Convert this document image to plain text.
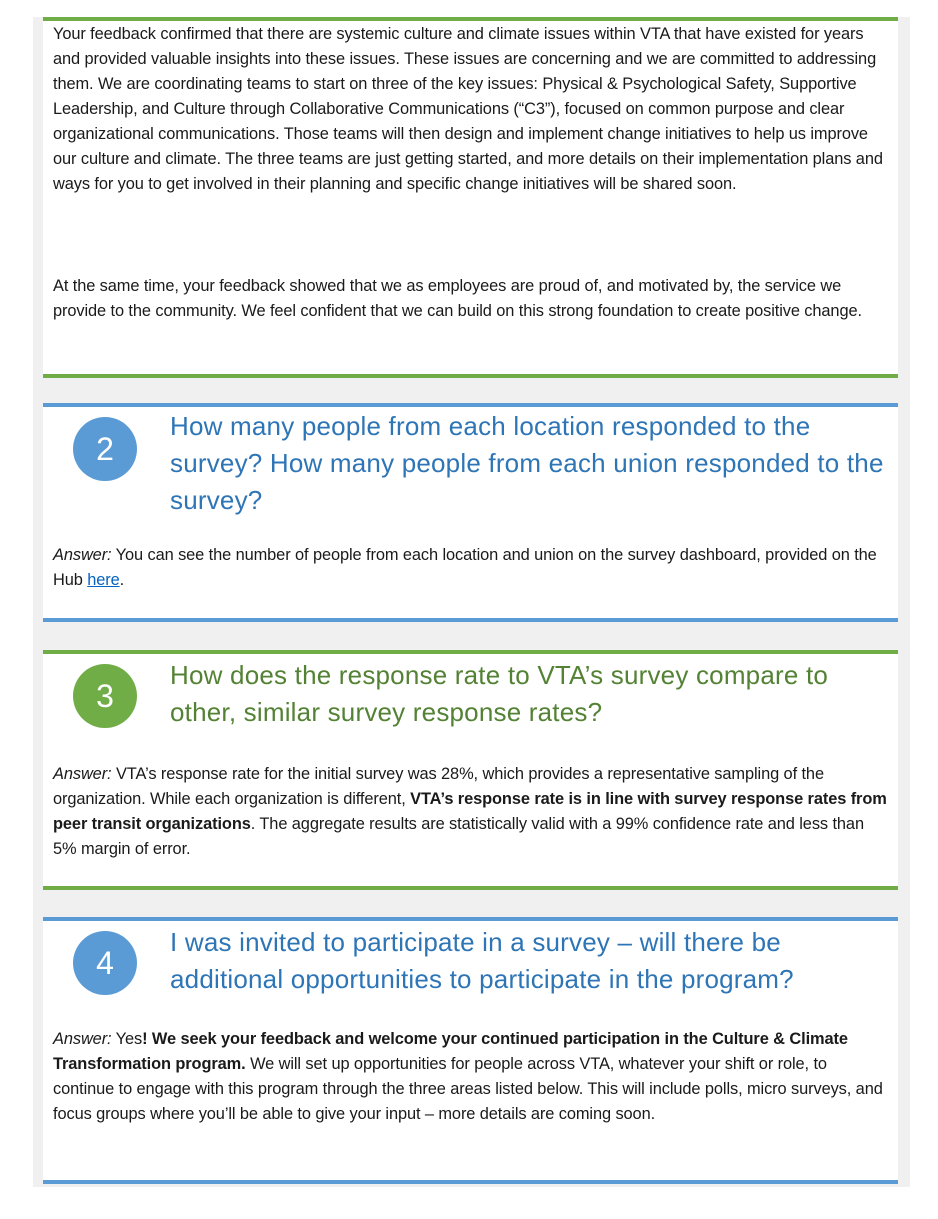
Your feedback confirmed that there are systemic culture and climate issues within VTA that have existed for years and provided valuable insights into these issues. These issues are concerning and we are committed to addressing them. We are coordinating teams to start on three of the key issues: Physical & Psychological Safety, Supportive Leadership, and Culture through Collaborative Communications (“C3”), focused on common purpose and clear organizational communications. Those teams will then design and implement change initiatives to help us improve our culture and climate. The three teams are just getting started, and more details on their implementation plans and ways for you to get involved in their planning and specific change initiatives will be shared soon.

At the same time, your feedback showed that we as employees are proud of, and motivated by, the service we provide to the community. We feel confident that we can build on this strong foundation to create positive change.

2
How many people from each location responded to the survey? How many people from each union responded to the survey?

Answer: You can see the number of people from each location and union on the survey dashboard, provided on the Hub here.

3
How does the response rate to VTA’s survey compare to other, similar survey response rates?

Answer: VTA’s response rate for the initial survey was 28%, which provides a representative sampling of the organization. While each organization is different, VTA’s response rate is in line with survey response rates from peer transit organizations. The aggregate results are statistically valid with a 99% confidence rate and less than 5% margin of error.

4
I was invited to participate in a survey – will there be additional opportunities to participate in the program?

Answer: Yes! We seek your feedback and welcome your continued participation in the Culture & Climate Transformation program. We will set up opportunities for people across VTA, whatever your shift or role, to continue to engage with this program through the three areas listed below. This will include polls, micro surveys, and focus groups where you’ll be able to give your input – more details are coming soon.
